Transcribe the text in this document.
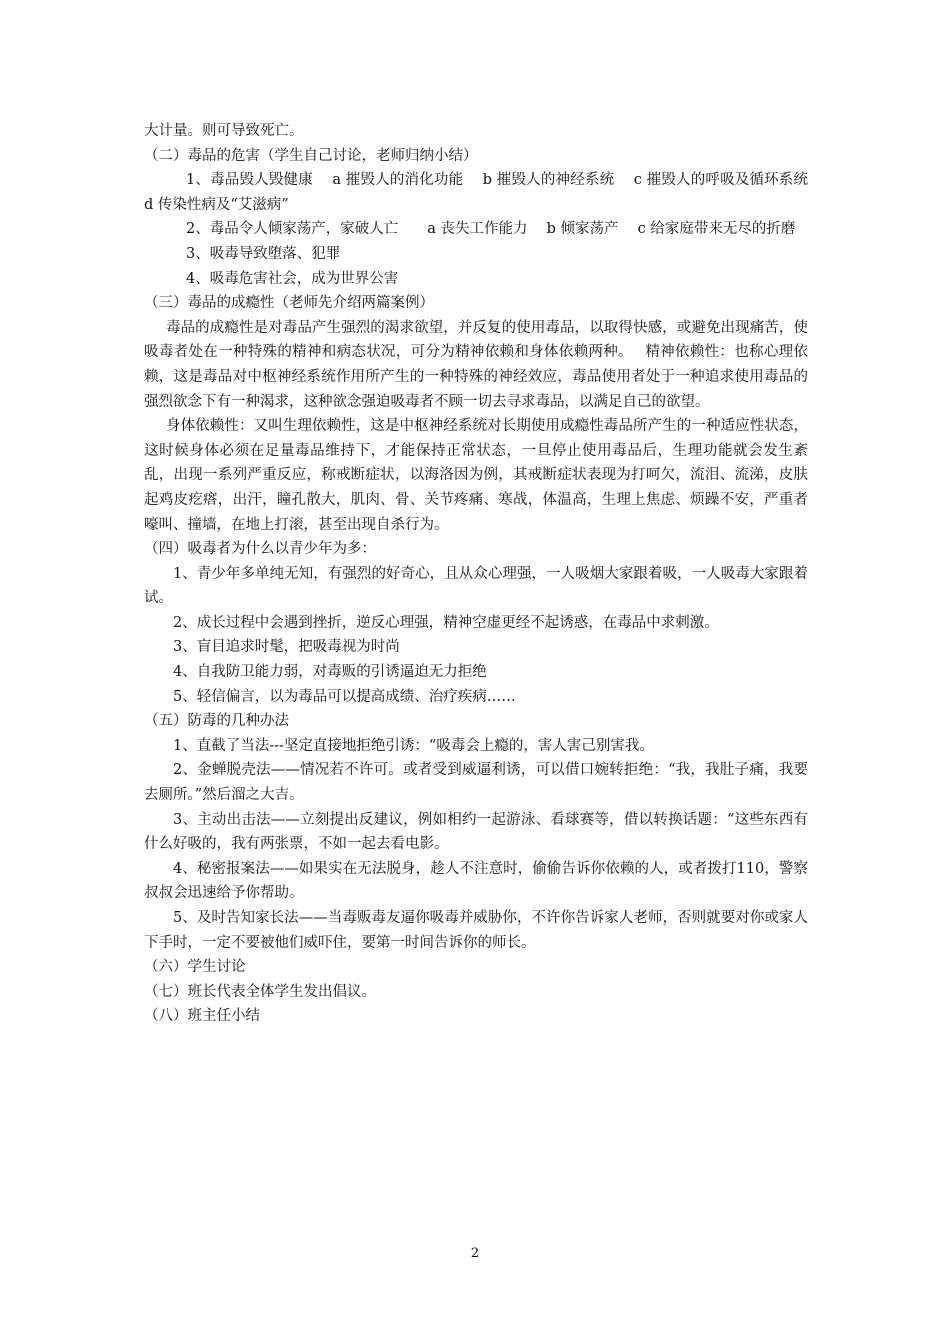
大计量。则可导致死亡。
（二）毒品的危害（学生自己讨论，老师归纳小结）
1、毒品毁人毁健康　 a 摧毁人的消化功能　 b 摧毁人的神经系统　 c 摧毁人的呼吸及循环系统　　d 传染性病及“艾滋病”
2、毒品令人倾家荡产，家破人亡　　a 丧失工作能力　 b 倾家荡产　 c 给家庭带来无尽的折磨
3、吸毒导致堕落、犯罪
4、吸毒危害社会，成为世界公害
（三）毒品的成瘾性（老师先介绍两篇案例）
毒品的成瘾性是对毒品产生强烈的渴求欲望，并反复的使用毒品，以取得快感，或避免出现痛苦，使吸毒者处在一种特殊的精神和病态状况，可分为精神依赖和身体依赖两种。　 精神依赖性：也称心理依赖，这是毒品对中枢神经系统作用所产生的一种特殊的神经效应，毒品使用者处于一种追求使用毒品的强烈欲念下有一种渴求，这种欲念强迫吸毒者不顾一切去寻求毒品，以满足自己的欲望。
身体依赖性：又叫生理依赖性，这是中枢神经系统对长期使用成瘾性毒品所产生的一种适应性状态，这时候身体必须在足量毒品维持下，才能保持正常状态，一旦停止使用毒品后，生理功能就会发生紊乱，出现一系列严重反应，称戒断症状，以海洛因为例，其戒断症状表现为打呵欠，流泪、流涕，皮肤起鸡皮疙瘩，出汗，瞳孔散大，肌肉、骨、关节疼痛、寒战，体温高，生理上焦虑、烦躁不安，严重者嚎叫、撞墙，在地上打滚，甚至出现自杀行为。
（四）吸毒者为什么以青少年为多：
1、青少年多单纯无知，有强烈的好奇心，且从众心理强，一人吸烟大家跟着吸，一人吸毒大家跟着试。
2、成长过程中会遇到挫折，逆反心理强，精神空虚更经不起诱惑，在毒品中求刺激。
3、盲目追求时髦，把吸毒视为时尚
4、自我防卫能力弱，对毒贩的引诱逼迫无力拒绝
5、轻信偏言，以为毒品可以提高成绩、治疗疾病……
（五）防毒的几种办法
1、直截了当法---坚定直接地拒绝引诱：“吸毒会上瘾的，害人害己别害我。
2、金蝉脱壳法——情况若不许可。或者受到威逼利诱，可以借口婉转拒绝：“我，我肚子痛，我要去厕所。”然后溜之大吉。
3、主动出击法——立刻提出反建议，例如相约一起游泳、看球赛等，借以转换话题：“这些东西有什么好吸的，我有两张票，不如一起去看电影。
4、秘密报案法——如果实在无法脱身，趁人不注意时，偷偷告诉你依赖的人，或者拨打110，警察叔叔会迅速给予你帮助。
5、及时告知家长法——当毒贩毒友逼你吸毒并威胁你，不许你告诉家人老师，否则就要对你或家人下手时，一定不要被他们威吓住，要第一时间告诉你的师长。
（六）学生讨论
（七）班长代表全体学生发出倡议。
（八）班主任小结
2
